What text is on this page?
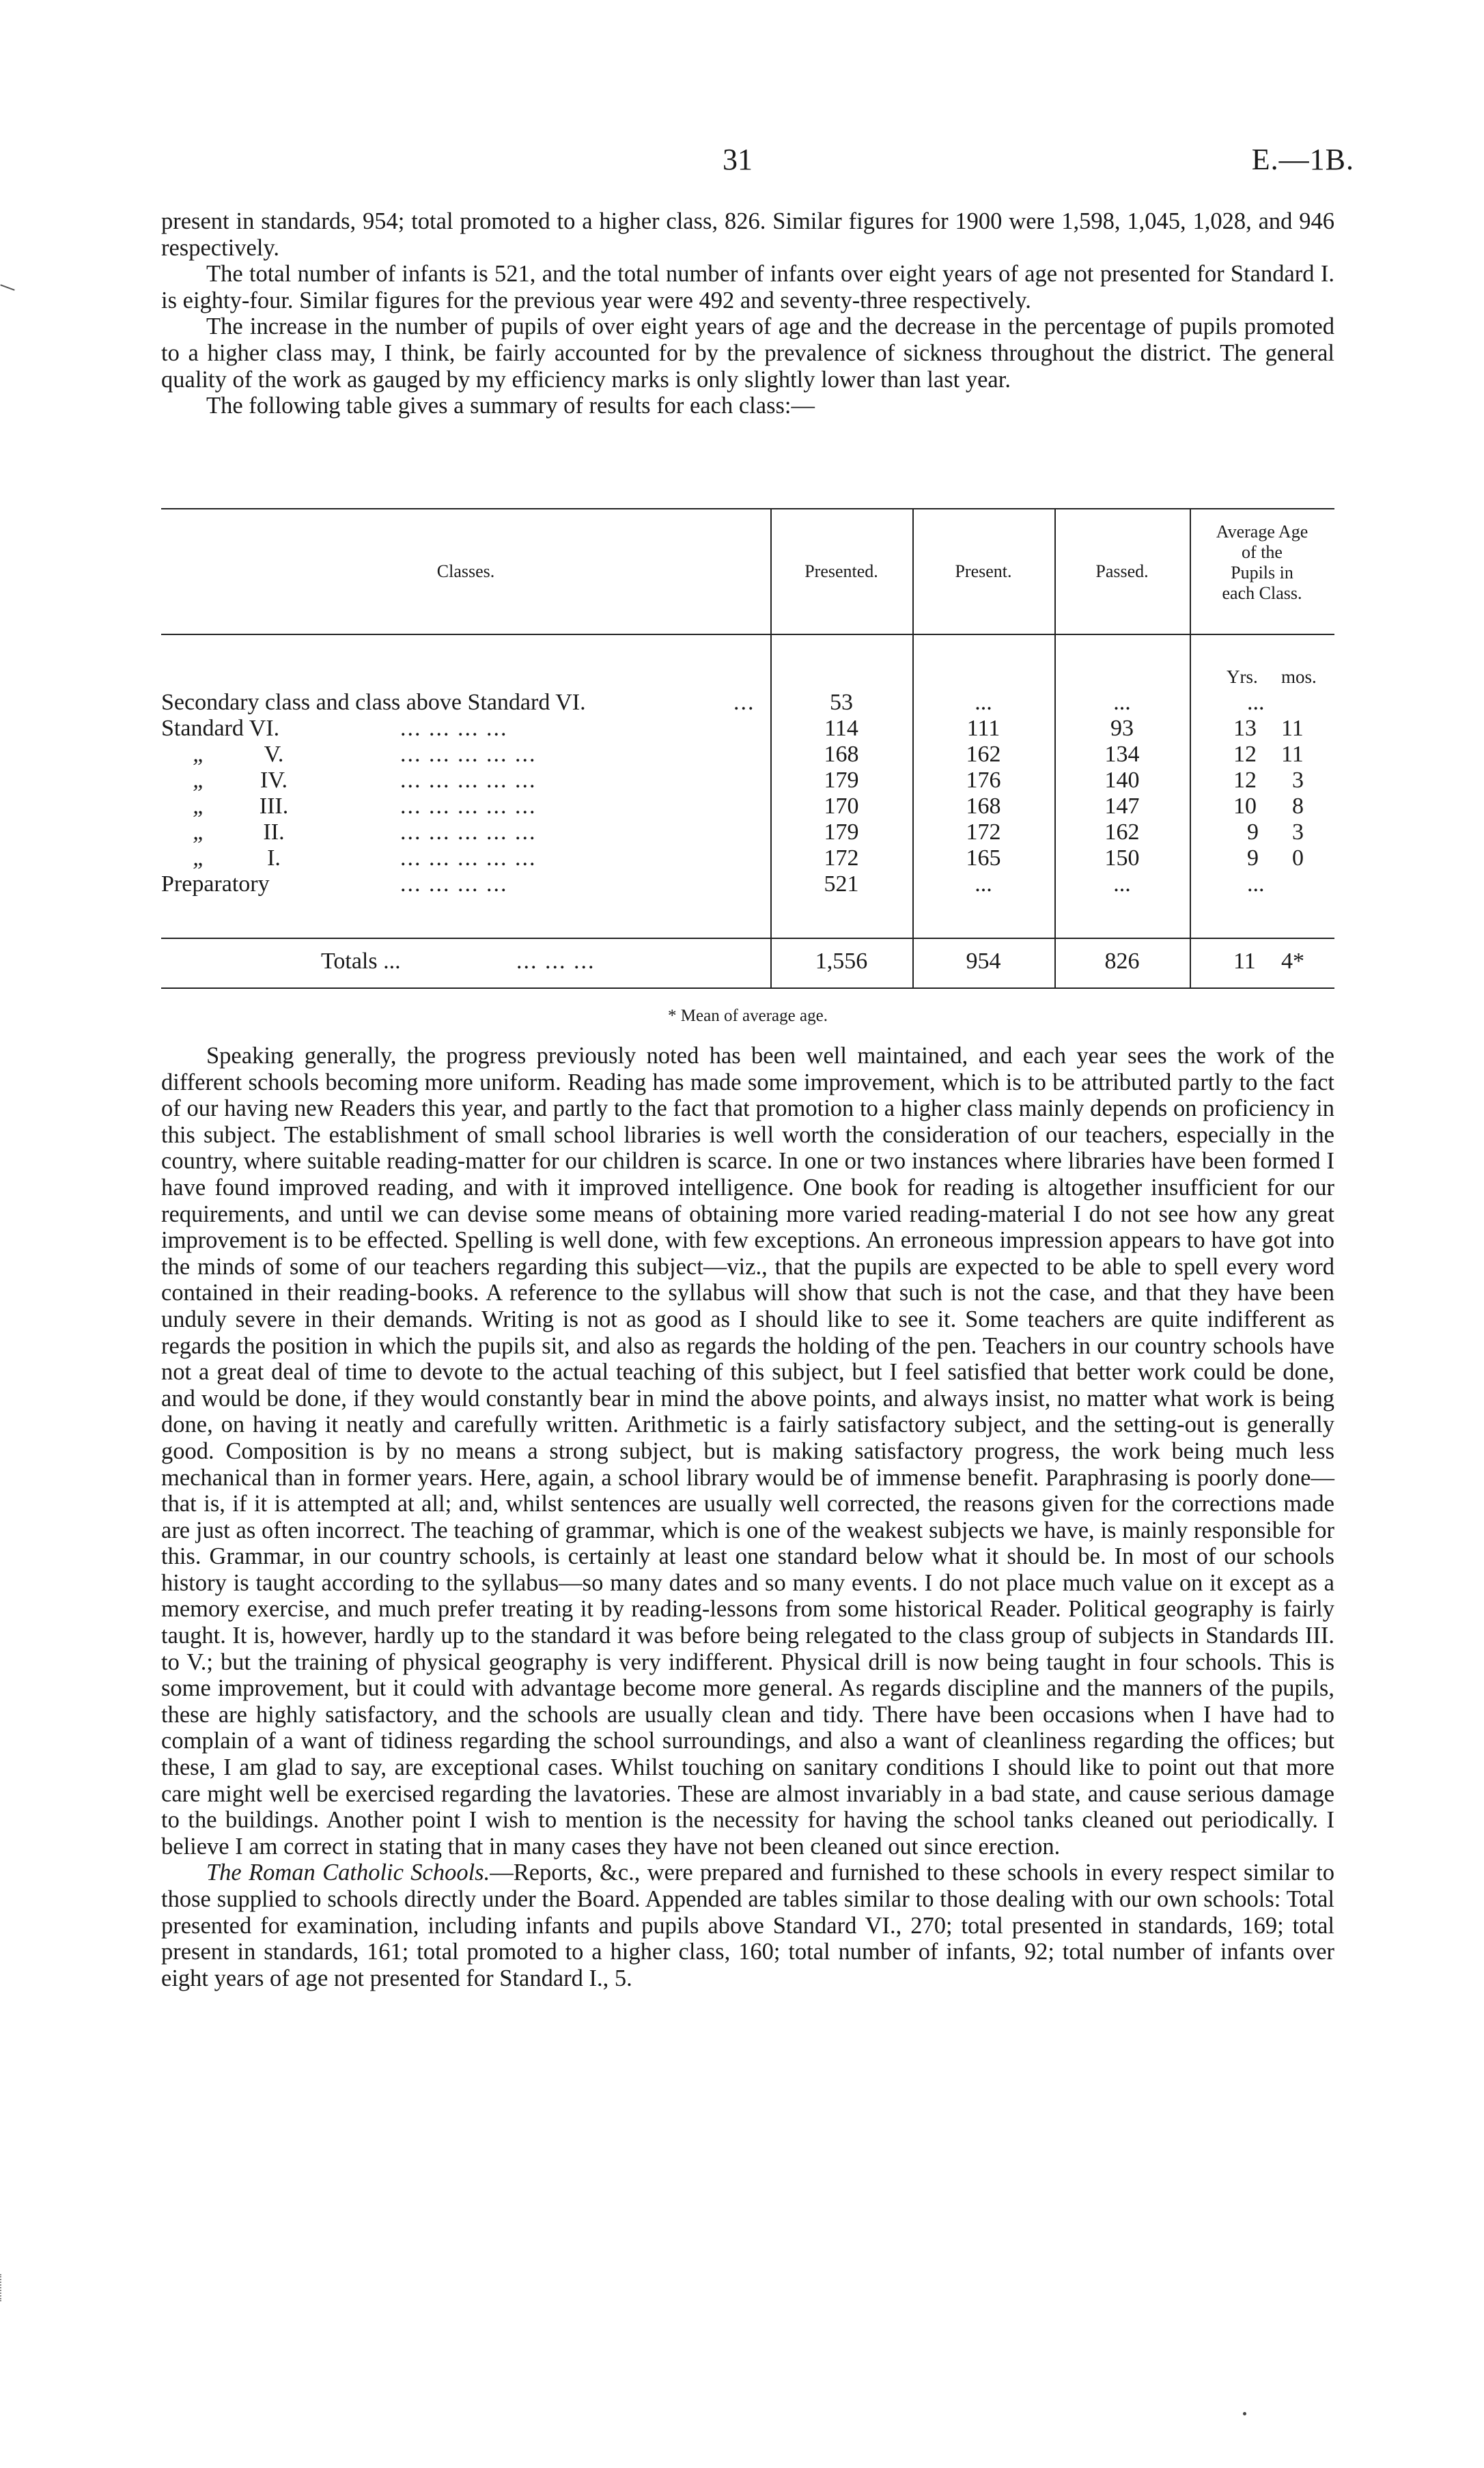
31	E.—1B.

present in standards, 954; total promoted to a higher class, 826. Similar figures for 1900 were 1,598, 1,045, 1,028, and 946 respectively.

The total number of infants is 521, and the total number of infants over eight years of age not presented for Standard I. is eighty-four. Similar figures for the previous year were 492 and seventy-three respectively.

The increase in the number of pupils of over eight years of age and the decrease in the percentage of pupils promoted to a higher class may, I think, be fairly accounted for by the prevalence of sickness throughout the district. The general quality of the work as gauged by my efficiency marks is only slightly lower than last year.

The following table gives a summary of results for each class:—

Classes.	Presented.	Present.	Passed.
Average Age
of the
Pupils in
each Class.
Yrs. mos.
Secondary class and class above Standard VI.	...	53	...	...	...
Standard VI.	... ... ... ...	114	111	93	13 11
„	V.	... ... ... ... ...	168	162	134	12 11
„	IV.	... ... ... ... ...	179	176	140	12 3
„	III.	... ... ... ... ...	170	168	147	10 8
„	II.	... ... ... ... ...	179	172	162	9 3
„	I.	... ... ... ... ...	172	165	150	9 0
Preparatory	... ... ... ...	521	...	...	...
Totals ...	... ... ...	1,556	954	826	11 4*
* Mean of average age.

Speaking generally, the progress previously noted has been well maintained, and each year sees the work of the different schools becoming more uniform. Reading has made some improvement, which is to be attributed partly to the fact of our having new Readers this year, and partly to the fact that promotion to a higher class mainly depends on proficiency in this subject. The establishment of small school libraries is well worth the consideration of our teachers, especially in the country, where suitable reading-matter for our children is scarce. In one or two instances where libraries have been formed I have found improved reading, and with it improved intelligence. One book for reading is altogether insufficient for our requirements, and until we can devise some means of obtaining more varied reading-material I do not see how any great improvement is to be effected. Spelling is well done, with few exceptions. An erroneous impression appears to have got into the minds of some of our teachers regarding this subject—viz., that the pupils are expected to be able to spell every word contained in their reading-books. A reference to the syllabus will show that such is not the case, and that they have been unduly severe in their demands. Writing is not as good as I should like to see it. Some teachers are quite indifferent as regards the position in which the pupils sit, and also as regards the holding of the pen. Teachers in our country schools have not a great deal of time to devote to the actual teaching of this subject, but I feel satisfied that better work could be done, and would be done, if they would constantly bear in mind the above points, and always insist, no matter what work is being done, on having it neatly and carefully written. Arithmetic is a fairly satisfactory subject, and the setting-out is generally good. Composition is by no means a strong subject, but is making satisfactory progress, the work being much less mechanical than in former years. Here, again, a school library would be of immense benefit. Paraphrasing is poorly done—that is, if it is attempted at all; and, whilst sentences are usually well corrected, the reasons given for the corrections made are just as often incorrect. The teaching of grammar, which is one of the weakest subjects we have, is mainly responsible for this. Grammar, in our country schools, is certainly at least one standard below what it should be. In most of our schools history is taught according to the syllabus—so many dates and so many events. I do not place much value on it except as a memory exercise, and much prefer treating it by reading-lessons from some historical Reader. Political geography is fairly taught. It is, however, hardly up to the standard it was before being relegated to the class group of subjects in Standards III. to V.; but the training of physical geography is very indifferent. Physical drill is now being taught in four schools. This is some improvement, but it could with advantage become more general. As regards discipline and the manners of the pupils, these are highly satisfactory, and the schools are usually clean and tidy. There have been occasions when I have had to complain of a want of tidiness regarding the school surroundings, and also a want of cleanliness regarding the offices; but these, I am glad to say, are exceptional cases. Whilst touching on sanitary conditions I should like to point out that more care might well be exercised regarding the lavatories. These are almost invariably in a bad state, and cause serious damage to the buildings. Another point I wish to mention is the necessity for having the school tanks cleaned out periodically. I believe I am correct in stating that in many cases they have not been cleaned out since erection.

The Roman Catholic Schools.—Reports, &c., were prepared and furnished to these schools in every respect similar to those supplied to schools directly under the Board. Appended are tables similar to those dealing with our own schools: Total presented for examination, including infants and pupils above Standard VI., 270; total presented in standards, 169; total present in standards, 161; total promoted to a higher class, 160; total number of infants, 92; total number of infants over eight years of age not presented for Standard I., 5.
